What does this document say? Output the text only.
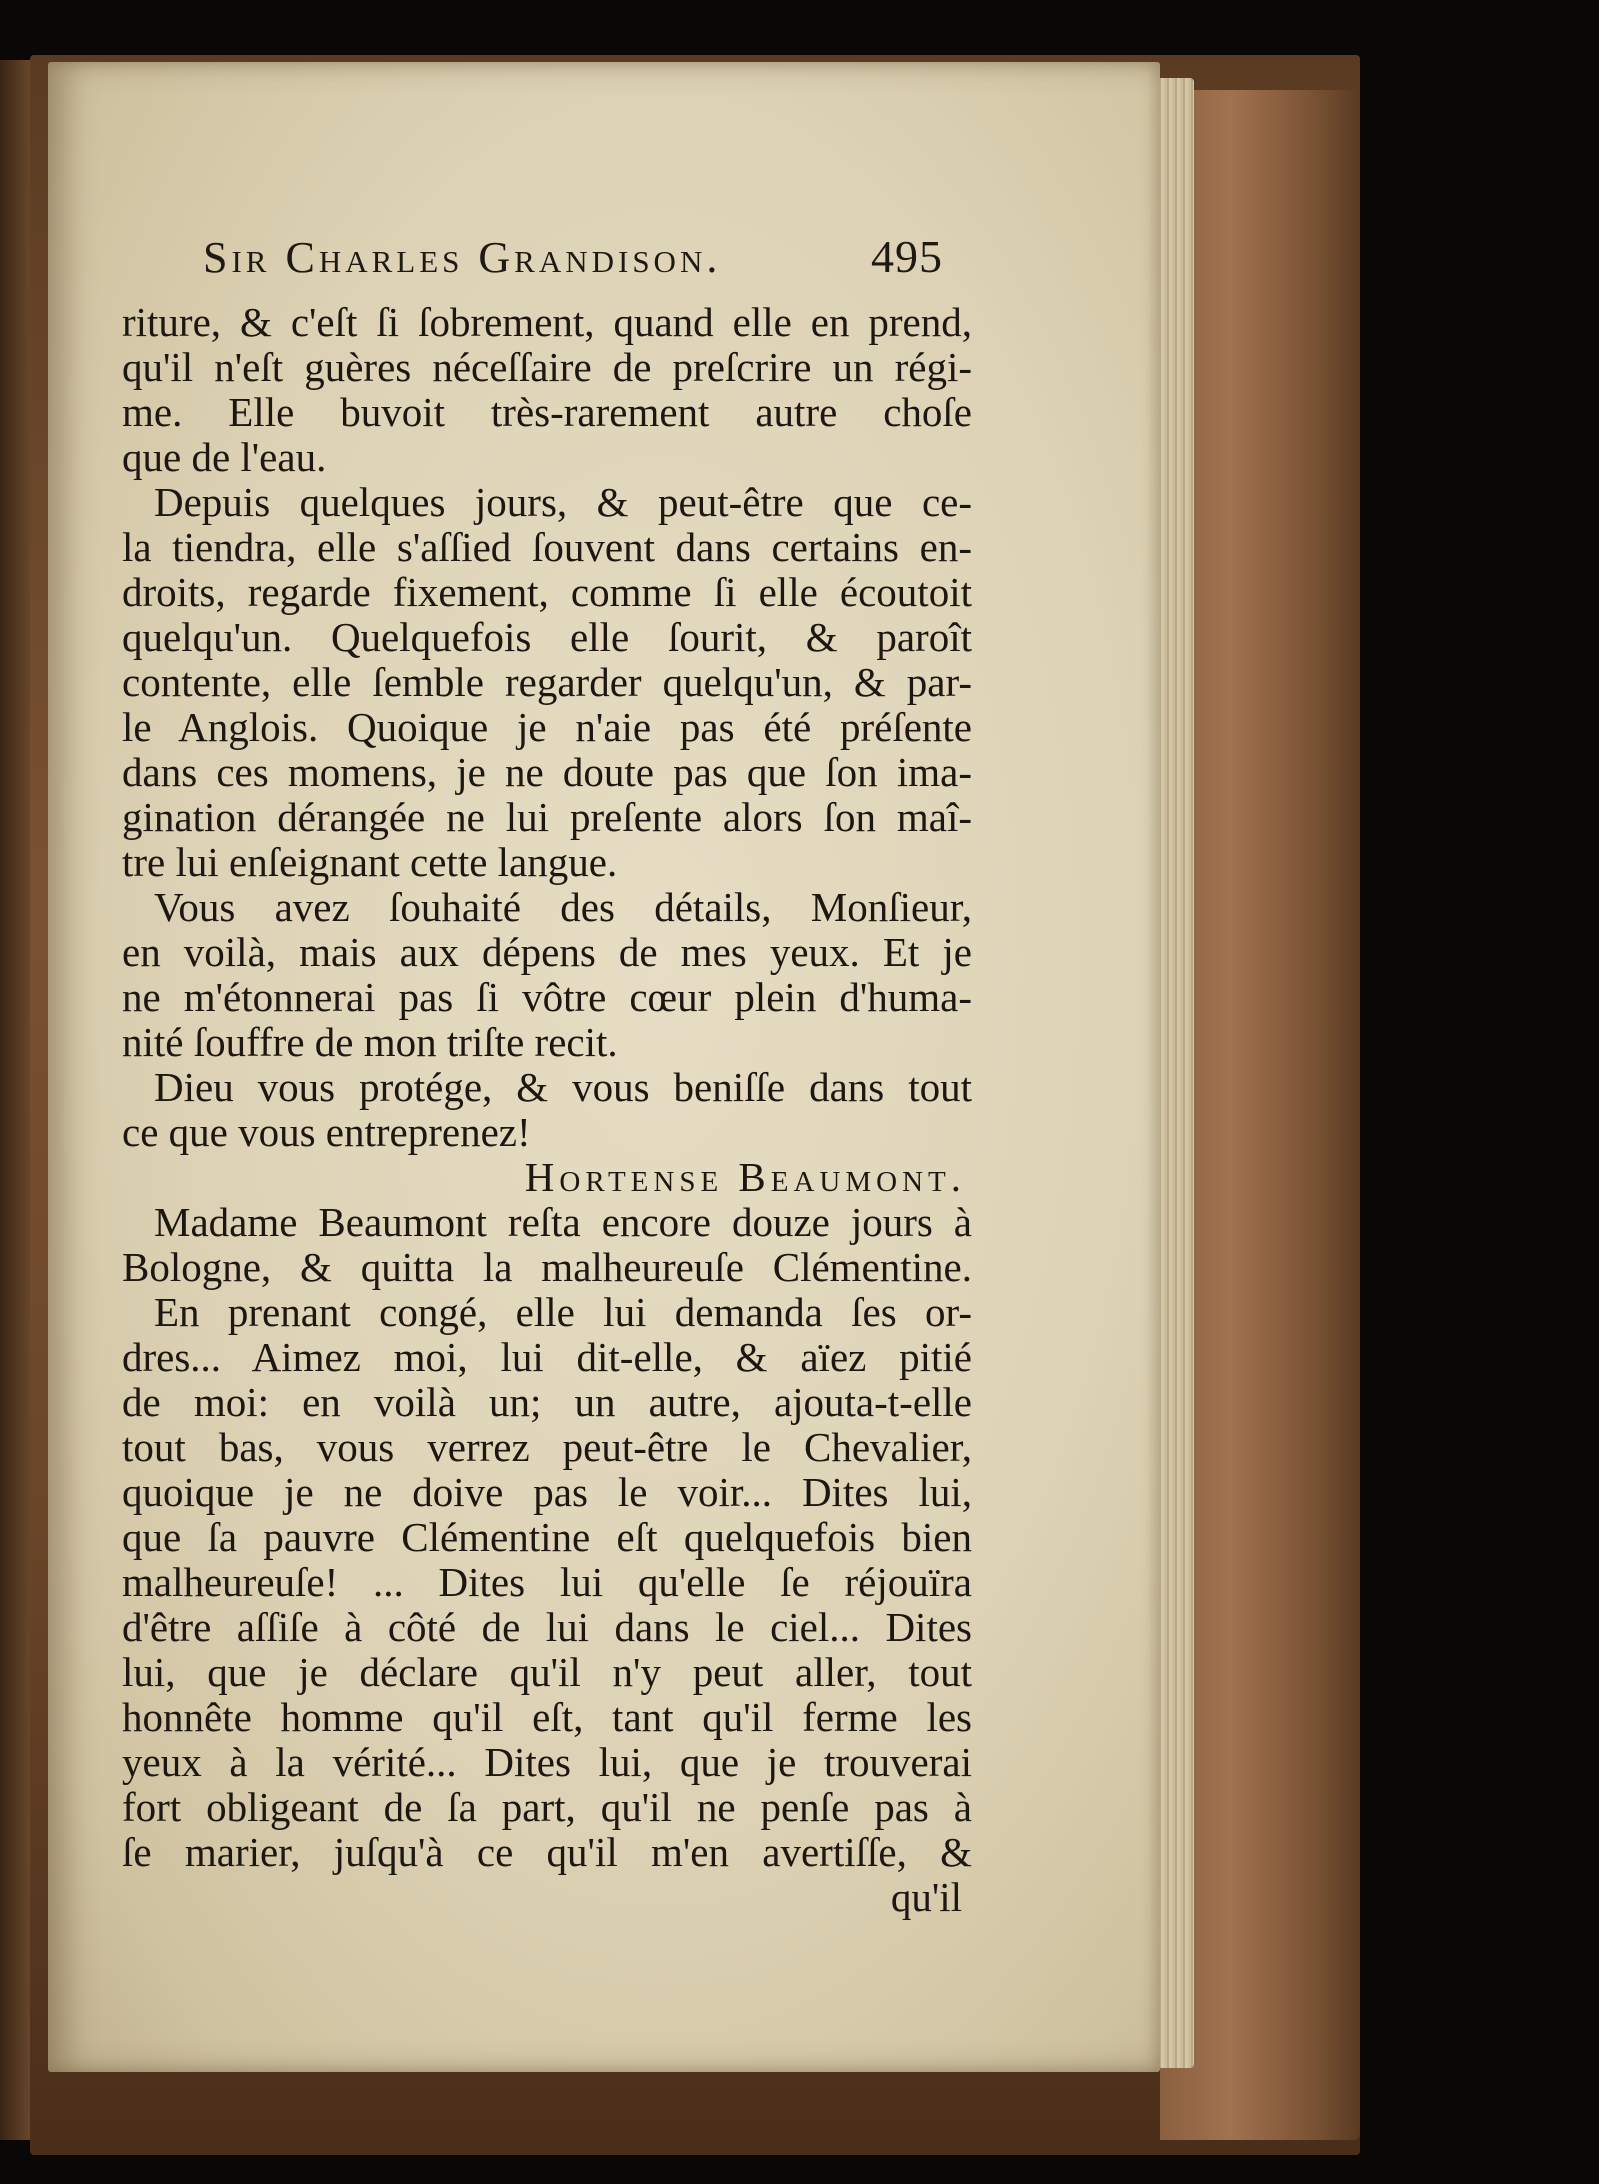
Sir Charles Grandison.	495
riture, & c'eſt ſi ſobrement, quand elle en prend,
qu'il n'eſt guères néceſſaire de preſcrire un régi-
me. Elle buvoit très-rarement autre choſe
que de l'eau.
Depuis quelques jours, & peut-être que ce-
la tiendra, elle s'aſſied ſouvent dans certains en-
droits, regarde fixement, comme ſi elle écoutoit
quelqu'un. Quelquefois elle ſourit, & paroît
contente, elle ſemble regarder quelqu'un, & par-
le Anglois. Quoique je n'aie pas été préſente
dans ces momens, je ne doute pas que ſon ima-
gination dérangée ne lui preſente alors ſon maî-
tre lui enſeignant cette langue.
Vous avez ſouhaité des détails, Monſieur,
en voilà, mais aux dépens de mes yeux. Et je
ne m'étonnerai pas ſi vôtre cœur plein d'huma-
nité ſouffre de mon triſte recit.
Dieu vous protége, & vous beniſſe dans tout
ce que vous entreprenez!
Hortense Beaumont.
Madame Beaumont reſta encore douze jours à
Bologne, & quitta la malheureuſe Clémentine.
En prenant congé, elle lui demanda ſes or-
dres... Aimez moi, lui dit-elle, & aïez pitié
de moi: en voilà un; un autre, ajouta-t-elle
tout bas, vous verrez peut-être le Chevalier,
quoique je ne doive pas le voir... Dites lui,
que ſa pauvre Clémentine eſt quelquefois bien
malheureuſe! ... Dites lui qu'elle ſe réjouïra
d'être aſſiſe à côté de lui dans le ciel... Dites
lui, que je déclare qu'il n'y peut aller, tout
honnête homme qu'il eſt, tant qu'il ferme les
yeux à la vérité... Dites lui, que je trouverai
fort obligeant de ſa part, qu'il ne penſe pas à
ſe marier, juſqu'à ce qu'il m'en avertiſſe, &
qu'il
